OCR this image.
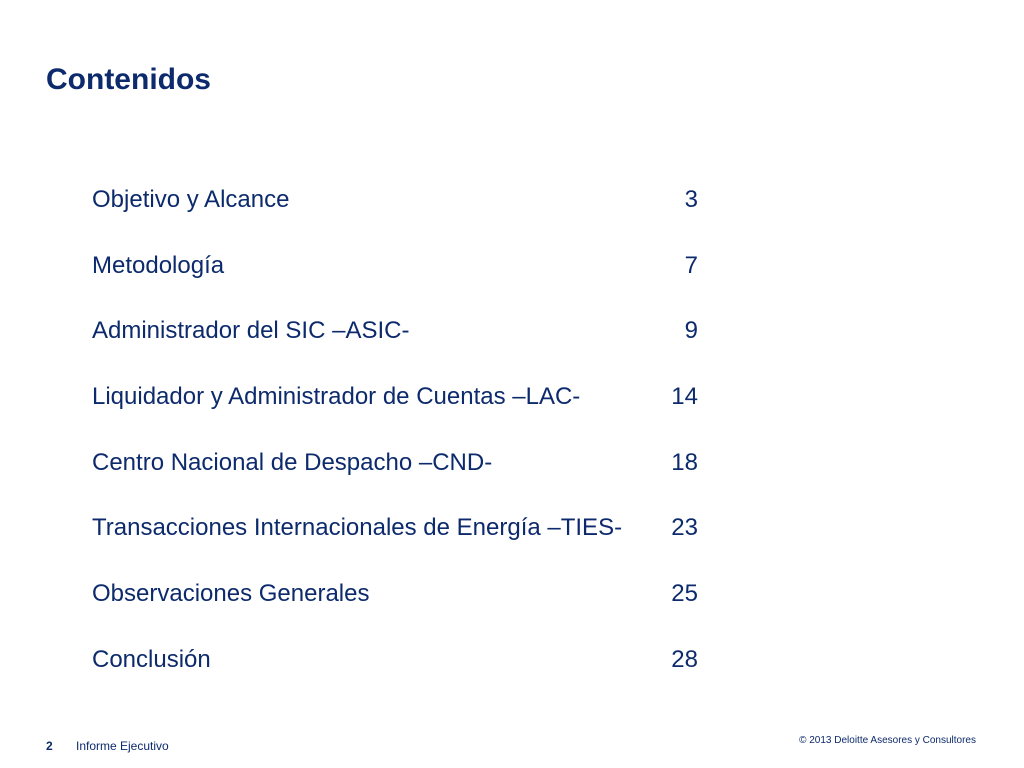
Contenidos
Objetivo y Alcance	3
Metodología	7
Administrador del SIC –ASIC-	9
Liquidador y Administrador de Cuentas –LAC-	14
Centro Nacional de Despacho –CND-	18
Transacciones Internacionales de Energía –TIES-	23
Observaciones Generales	25
Conclusión	28
2 Informe Ejecutivo	© 2013 Deloitte Asesores y Consultores
